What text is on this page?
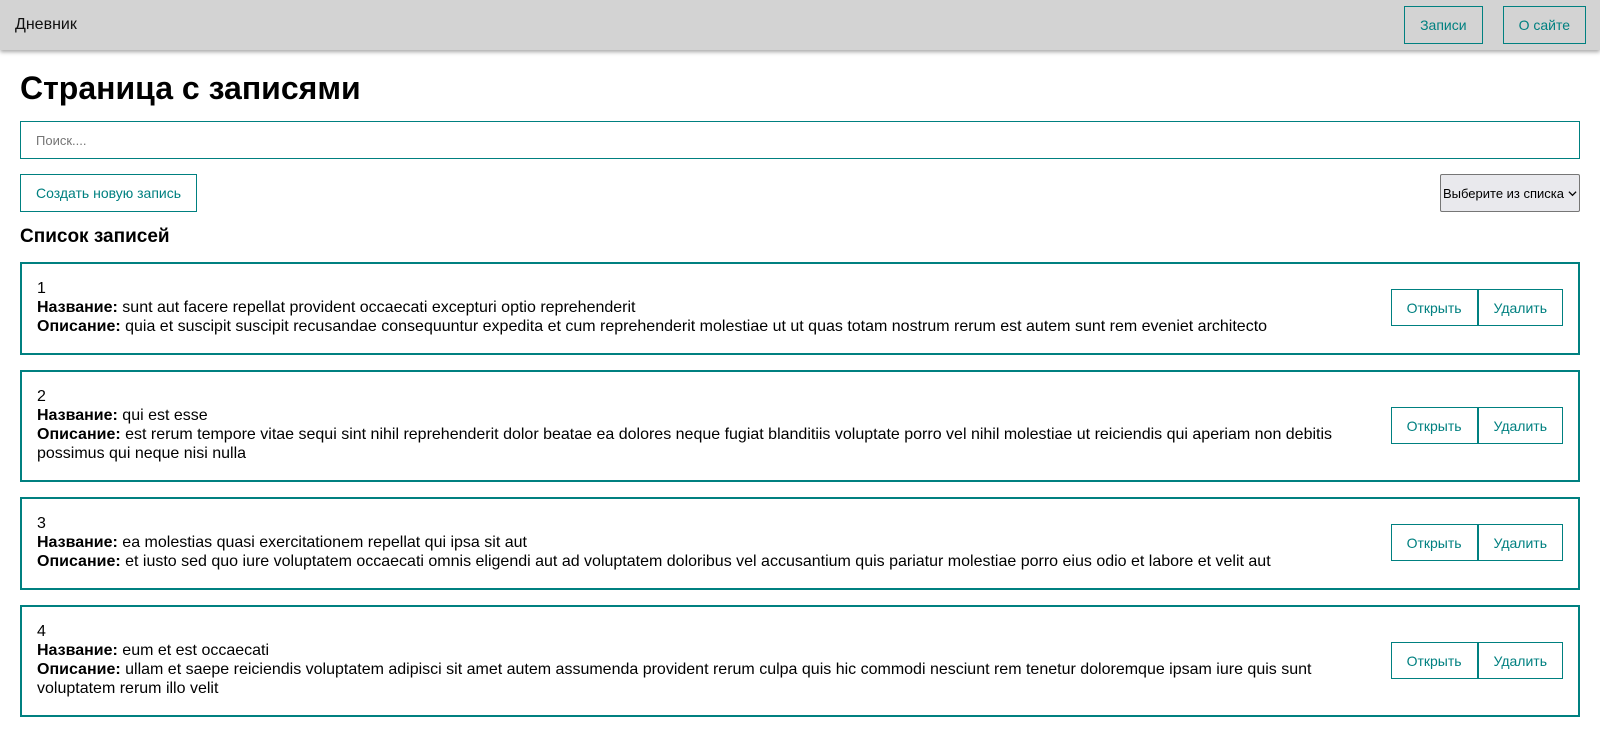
Дневник	Записи	О сайте
Страница с записями
Поиск....
Создать новую запись	Выберите из списка
Список записей
1
Название: sunt aut facere repellat provident occaecati excepturi optio reprehenderit
Описание: quia et suscipit suscipit recusandae consequuntur expedita et cum reprehenderit molestiae ut ut quas totam nostrum rerum est autem sunt rem eveniet architecto
Открыть	Удалить
2
Название: qui est esse
Описание: est rerum tempore vitae sequi sint nihil reprehenderit dolor beatae ea dolores neque fugiat blanditiis voluptate porro vel nihil molestiae ut reiciendis qui aperiam non debitis possimus qui neque nisi nulla
Открыть	Удалить
3
Название: ea molestias quasi exercitationem repellat qui ipsa sit aut
Описание: et iusto sed quo iure voluptatem occaecati omnis eligendi aut ad voluptatem doloribus vel accusantium quis pariatur molestiae porro eius odio et labore et velit aut
Открыть	Удалить
4
Название: eum et est occaecati
Описание: ullam et saepe reiciendis voluptatem adipisci sit amet autem assumenda provident rerum culpa quis hic commodi nesciunt rem tenetur doloremque ipsam iure quis sunt voluptatem rerum illo velit
Открыть	Удалить
